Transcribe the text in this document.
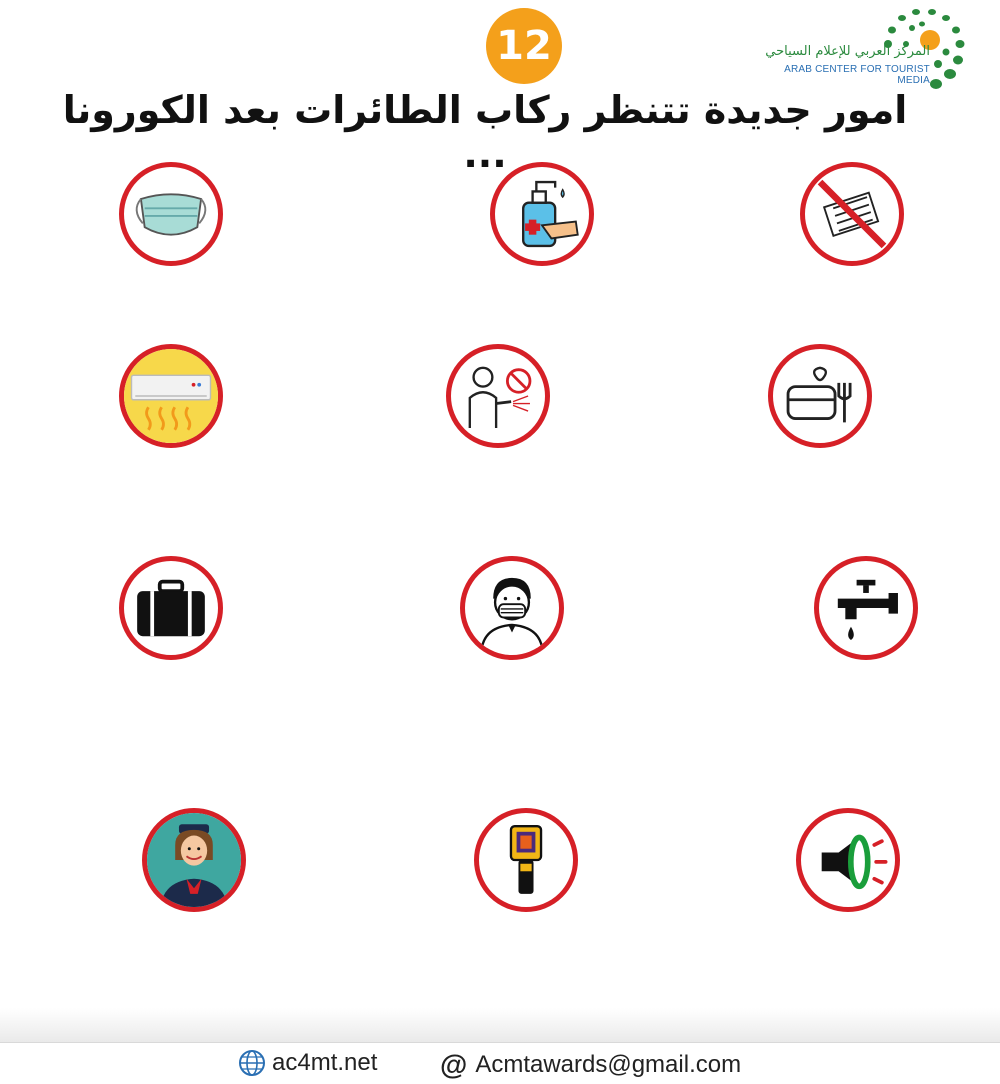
12	المركز العربي للإعلام السياحي
ARAB CENTER FOR TOURIST MEDIA
امور جديدة تتنظر ركاب الطائرات بعد الكورونا ...
ac4mt.net @ Acmtawards@gmail.com
